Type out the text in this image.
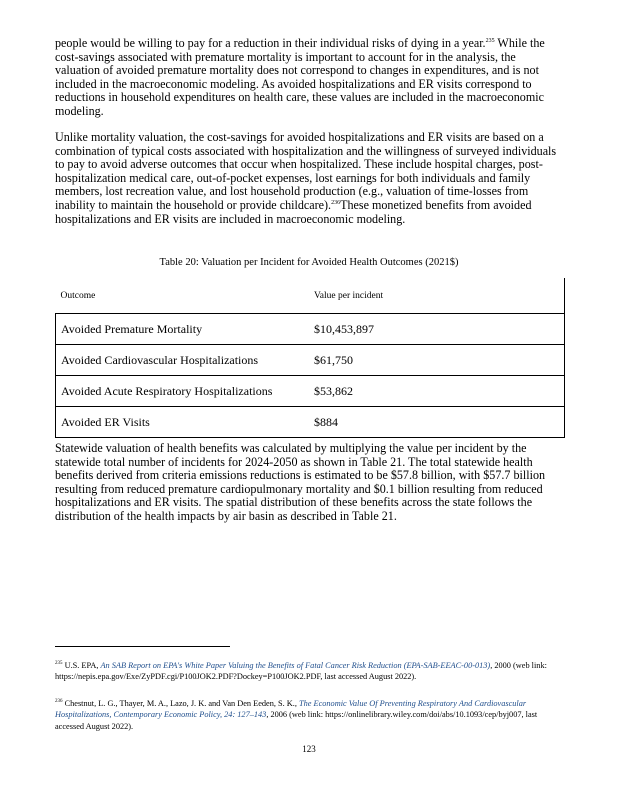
people would be willing to pay for a reduction in their individual risks of dying in a year.$^{235}$ While the cost-savings associated with premature mortality is important to account for in the analysis, the valuation of avoided premature mortality does not correspond to changes in expenditures, and is not included in the macroeconomic modeling. As avoided hospitalizations and ER visits correspond to reductions in household expenditures on health care, these values are included in the macroeconomic modeling.

Unlike mortality valuation, the cost-savings for avoided hospitalizations and ER visits are based on a combination of typical costs associated with hospitalization and the willingness of surveyed individuals to pay to avoid adverse outcomes that occur when hospitalized. These include hospital charges, post-hospitalization medical care, out-of-pocket expenses, lost earnings for both individuals and family members, lost recreation value, and lost household production (e.g., valuation of time-losses from inability to maintain the household or provide childcare).$^{236}$These monetized benefits from avoided hospitalizations and ER visits are included in macroeconomic modeling.

Table 20: Valuation per Incident for Avoided Health Outcomes (2021$)
Outcome	Value per incident
Avoided Premature Mortality	$10,453,897
Avoided Cardiovascular Hospitalizations	$61,750
Avoided Acute Respiratory Hospitalizations	$53,862
Avoided ER Visits	$884

Statewide valuation of health benefits was calculated by multiplying the value per incident by the statewide total number of incidents for 2024-2050 as shown in Table 21. The total statewide health benefits derived from criteria emissions reductions is estimated to be $57.8 billion, with $57.7 billion resulting from reduced premature cardiopulmonary mortality and $0.1 billion resulting from reduced hospitalizations and ER visits. The spatial distribution of these benefits across the state follows the distribution of the health impacts by air basin as described in Table 21.

$^{235}$ U.S. EPA, An SAB Report on EPA's White Paper Valuing the Benefits of Fatal Cancer Risk Reduction (EPA-SAB-EEAC-00-013), 2000 (web link: https://nepis.epa.gov/Exe/ZyPDF.cgi/P100JOK2.PDF?Dockey=P100JOK2.PDF, last accessed August 2022).

$^{236}$ Chestnut, L. G., Thayer, M. A., Lazo, J. K. and Van Den Eeden, S. K., The Economic Value Of Preventing Respiratory And Cardiovascular Hospitalizations, Contemporary Economic Policy, 24: 127–143, 2006 (web link: https://onlinelibrary.wiley.com/doi/abs/10.1093/cep/byj007, last accessed August 2022).

123
